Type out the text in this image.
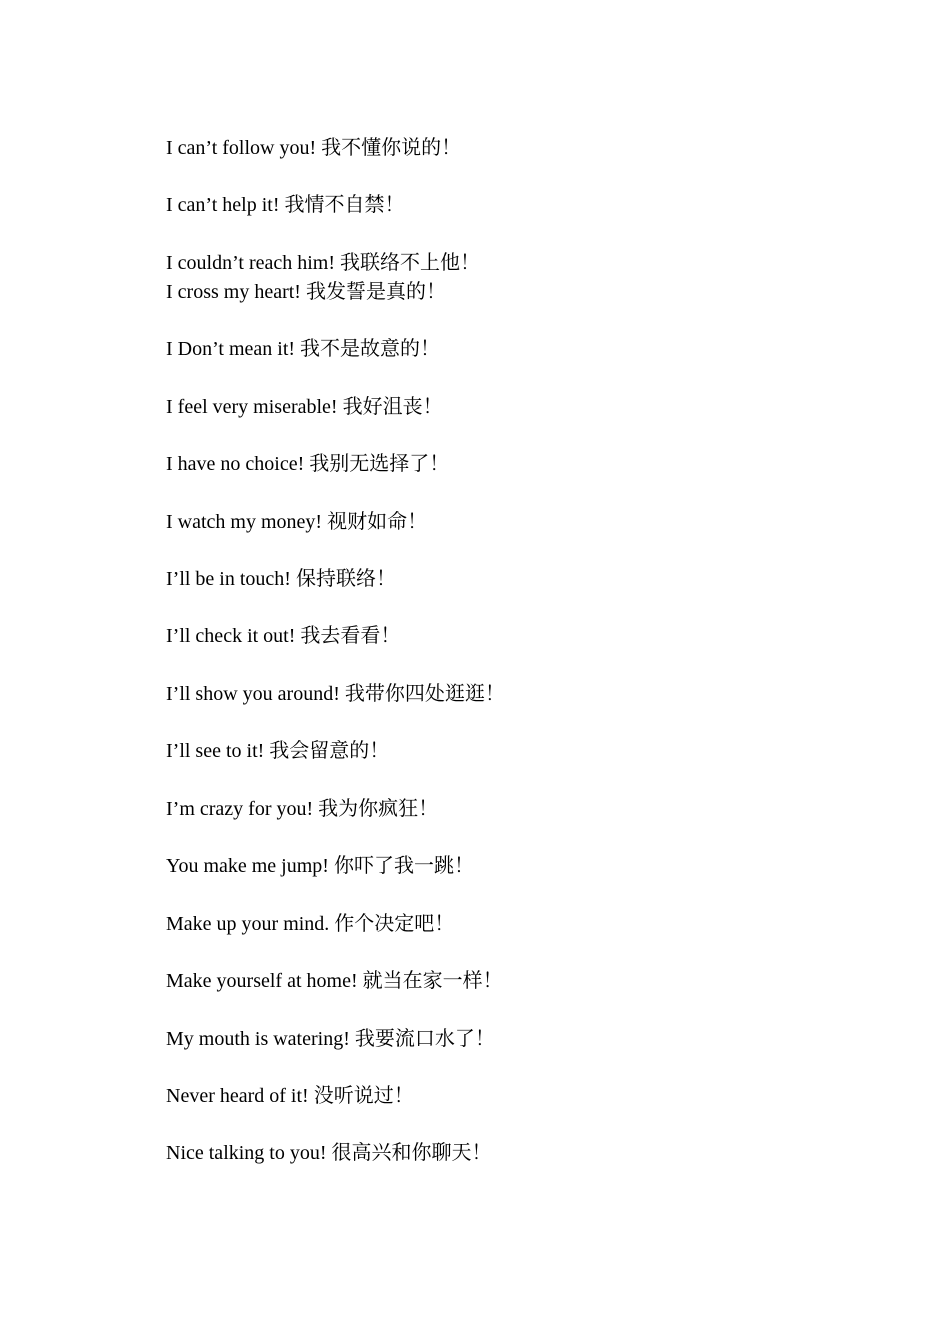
I can’t follow you! 我不懂你说的！
I can’t help it! 我情不自禁！
I couldn’t reach him! 我联络不上他！
I cross my heart! 我发誓是真的！
I Don’t mean it! 我不是故意的！
I feel very miserable! 我好沮丧！
I have no choice! 我别无选择了！
I watch my money! 视财如命！
I’ll be in touch! 保持联络！
I’ll check it out! 我去看看！
I’ll show you around! 我带你四处逛逛！
I’ll see to it! 我会留意的！
I’m crazy for you! 我为你疯狂！
You make me jump! 你吓了我一跳！
Make up your mind. 作个决定吧！
Make yourself at home! 就当在家一样！
My mouth is watering! 我要流口水了！
Never heard of it! 没听说过！
Nice talking to you! 很高兴和你聊天！
